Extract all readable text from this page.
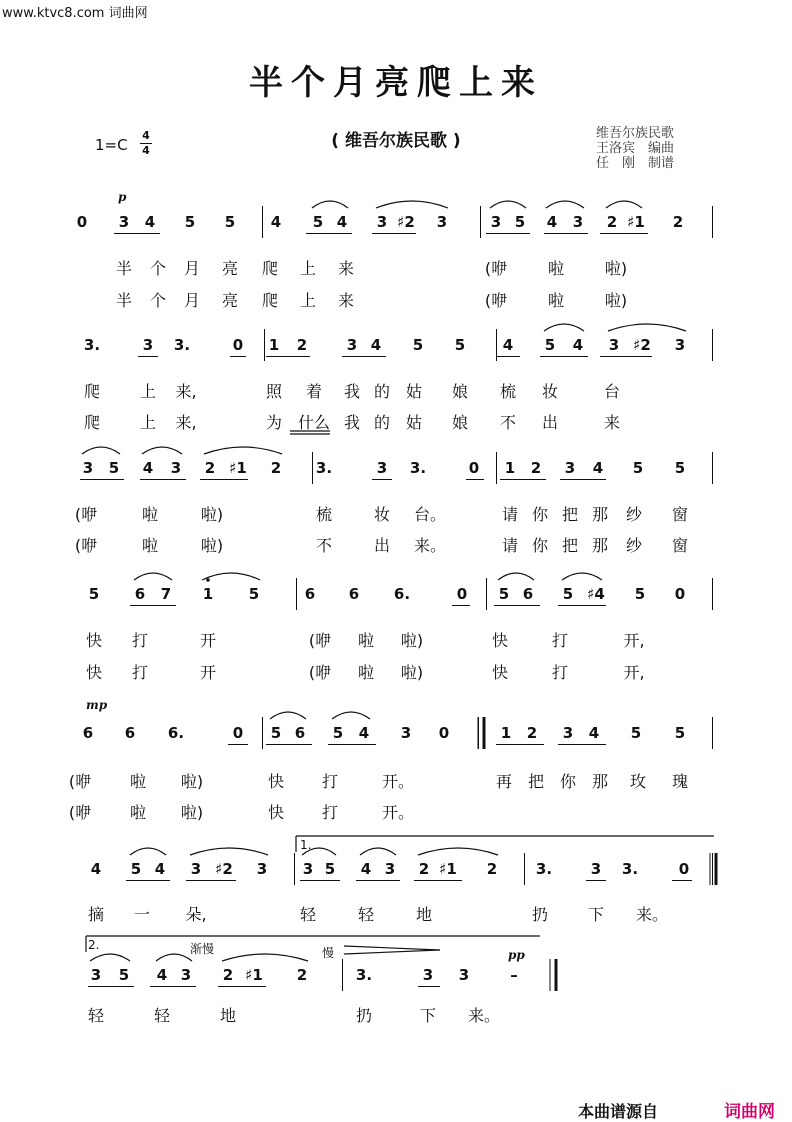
www.ktvc8.com 词曲网
半个月亮爬上来
1=C
4
4	( 维吾尔族民歌 )	维吾尔族民歌
王洛宾　编曲
任　刚　制谱
0 3 4 5 5 4 5 4 3 ♯2 3	3 5 4 3 2 ♯1 2
半 个 月 亮 爬 上 来	(咿	啦	啦)
半 个 月 亮 爬 上 来	(咿	啦	啦)
3.	3 3.	0 1 2	3 4 5 5	4 5 4 3 ♯2 3
爬 上 来,	照 着 我 的 姑 娘 梳 妆	台
爬 上 来,	为 什么 我 的 姑 娘 不 出	来
3 5 4 3 2 ♯1 2 3.	3 3.	0 1 2 3 4 5 5
(咿	啦	啦)	梳	妆 台。	请 你 把 那 纱 窗
(咿	啦	啦)	不	出 来。	请 你 把 那 纱 窗
5 6 7 1 5	6 6 6.	0 5 6 5 ♯4 5 0
快 打	开	(咿 啦 啦)	快	打	开,
快 打	开	(咿 啦 啦)	快	打	开,
6 6 6.	0 5 6 5 4 3 0	1 2 3 4 5 5
(咿 啦 啦)	快 打	开。	再 把 你 那 玫 瑰
(咿 啦 啦)	快 打	开。
4 5 4 3 ♯2 3 3 5 4 3 2 ♯1 2	3.	3 3.	0
摘 一 朵,	轻	轻	地	扔 下 来。
3 5 4 3 2 ♯1 2	3.	3 3	–
轻	轻	地	扔	下 来。
p
mp
pp
渐慢	慢
1.
2.
本曲谱源自	词曲网
